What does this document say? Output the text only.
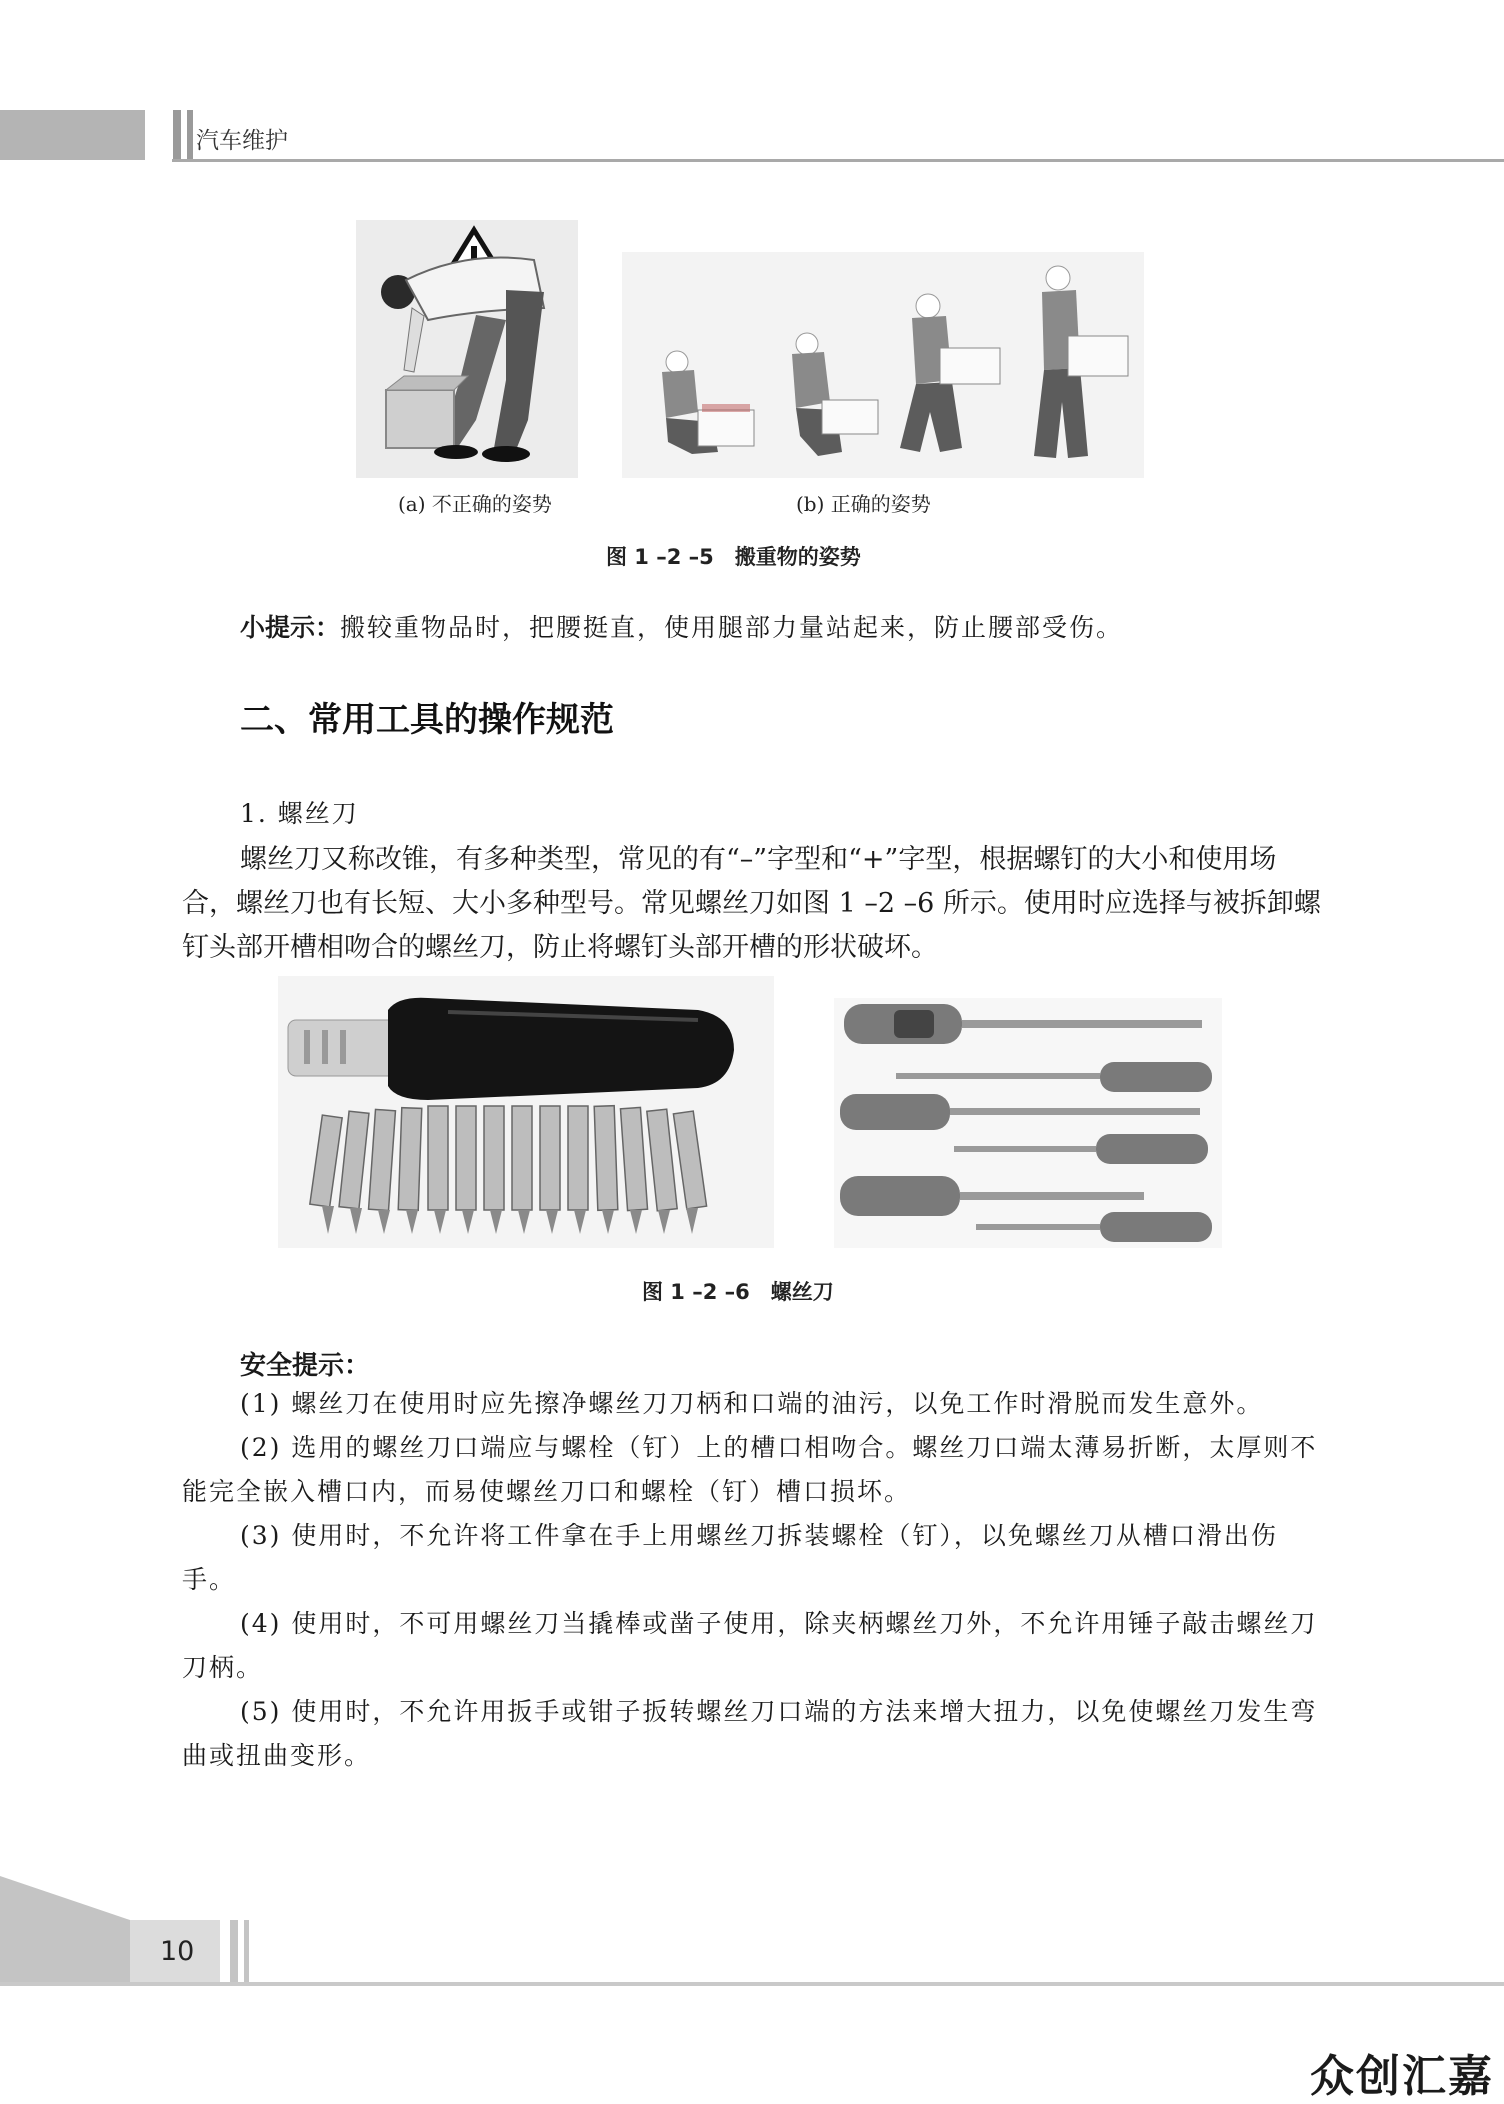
汽车维护
(a) 不正确的姿势	(b) 正确的姿势
图 1 –2 –5　搬重物的姿势
小提示：搬较重物品时，把腰挺直，使用腿部力量站起来，防止腰部受伤。
二、常用工具的操作规范
1. 螺丝刀

螺丝刀又称改锥，有多种类型，常见的有“–”字型和“+”字型，根据螺钉的大小和使用场合，螺丝刀也有长短、大小多种型号。常见螺丝刀如图 1 –2 –6 所示。使用时应选择与被拆卸螺钉头部开槽相吻合的螺丝刀，防止将螺钉头部开槽的形状破坏。

图 1 –2 –6　螺丝刀
安全提示：

(1) 螺丝刀在使用时应先擦净螺丝刀刀柄和口端的油污，以免工作时滑脱而发生意外。

(2) 选用的螺丝刀口端应与螺栓（钉）上的槽口相吻合。螺丝刀口端太薄易折断，太厚则不能完全嵌入槽口内，而易使螺丝刀口和螺栓（钉）槽口损坏。

(3) 使用时，不允许将工件拿在手上用螺丝刀拆装螺栓（钉），以免螺丝刀从槽口滑出伤手。

(4) 使用时，不可用螺丝刀当撬棒或凿子使用，除夹柄螺丝刀外，不允许用锤子敲击螺丝刀刀柄。

(5) 使用时，不允许用扳手或钳子扳转螺丝刀口端的方法来增大扭力，以免使螺丝刀发生弯曲或扭曲变形。

10
众创汇嘉
